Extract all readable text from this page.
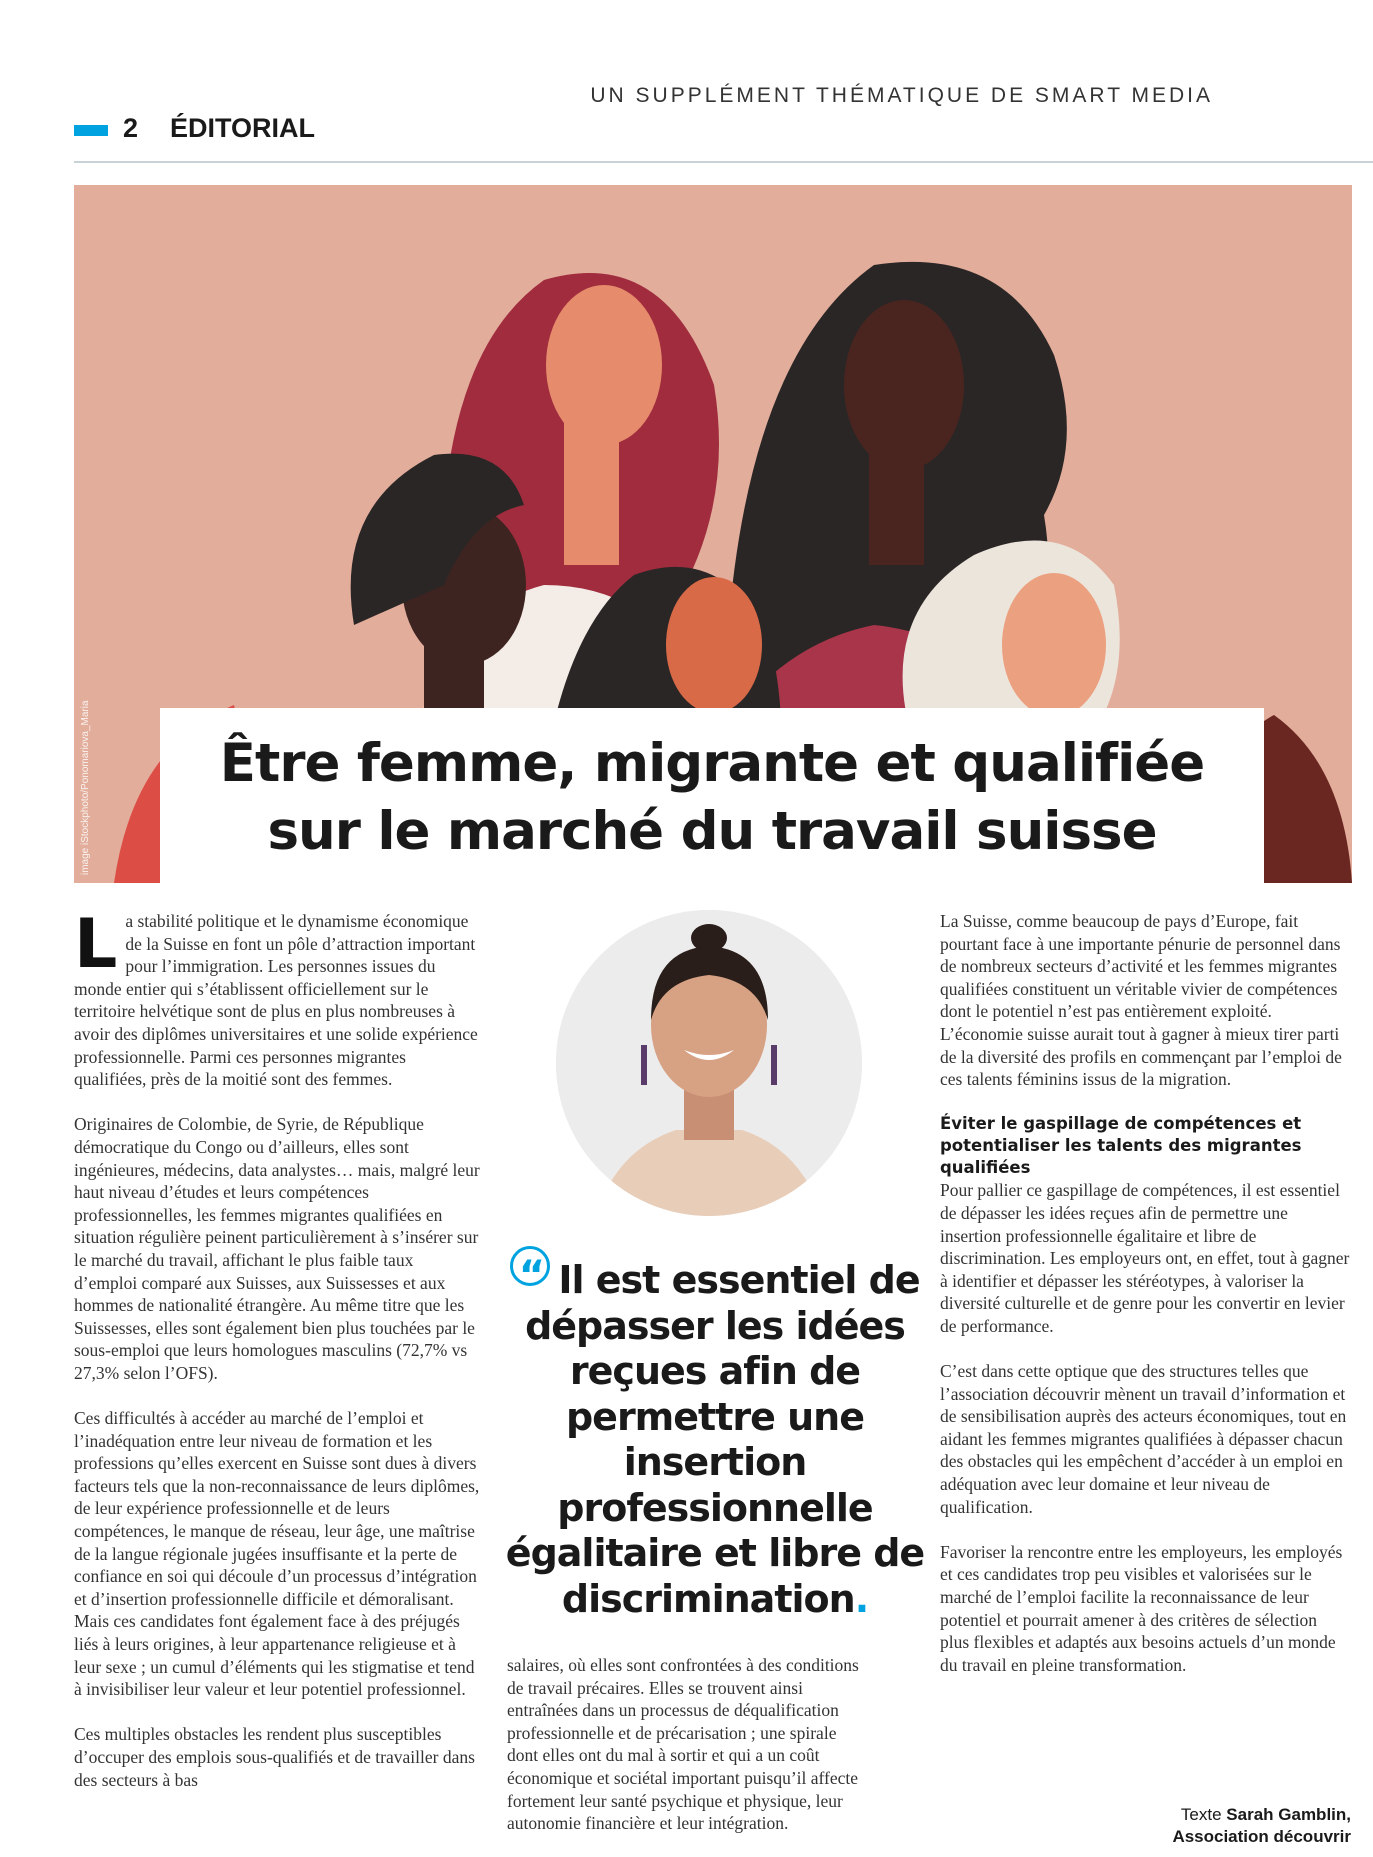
UN SUPPLÉMENT THÉMATIQUE DE SMART MEDIA
2 ÉDITORIAL
image iStockphoto/Ponomariova_Maria	Être femme, migrante et qualifiée
sur le marché du travail suisse

La stabilité politique et le dynamisme économique de la Suisse en font un pôle d’attraction important pour l’immigration. Les personnes issues du monde entier qui s’établissent officiellement sur le territoire helvétique sont de plus en plus nombreuses à avoir des diplômes universitaires et une solide expérience professionnelle. Parmi ces personnes migrantes qualifiées, près de la moitié sont des femmes.

Originaires de Colombie, de Syrie, de République démocratique du Congo ou d’ailleurs, elles sont ingénieures, médecins, data analystes… mais, malgré leur haut niveau d’études et leurs compétences professionnelles, les femmes migrantes qualifiées en situation régulière peinent particulièrement à s’insérer sur le marché du travail, affichant le plus faible taux d’emploi comparé aux Suisses, aux Suissesses et aux hommes de nationalité étrangère. Au même titre que les Suissesses, elles sont également bien plus touchées par le sous-emploi que leurs homologues masculins (72,7% vs 27,3% selon l’OFS).

Ces difficultés à accéder au marché de l’emploi et l’inadéquation entre leur niveau de formation et les professions qu’elles exercent en Suisse sont dues à divers facteurs tels que la non-reconnaissance de leurs diplômes, de leur expérience professionnelle et de leurs compétences, le manque de réseau, leur âge, une maîtrise de la langue régionale jugées insuffisante et la perte de confiance en soi qui découle d’un processus d’intégration et d’insertion professionnelle difficile et démoralisant. Mais ces candidates font également face à des préjugés liés à leurs origines, à leur appartenance religieuse et à leur sexe ; un cumul d’éléments qui les stigmatise et tend à invisibiliser leur valeur et leur potentiel professionnel.

Ces multiples obstacles les rendent plus susceptibles d’occuper des emplois sous-qualifiés et de travailler dans des secteurs à bas

“ Il est essentiel de dépasser les idées reçues afin de permettre une insertion professionnelle égalitaire et libre de discrimination.

salaires, où elles sont confrontées à des conditions de travail précaires. Elles se trouvent ainsi entraînées dans un processus de déqualification professionnelle et de précarisation ; une spirale dont elles ont du mal à sortir et qui a un coût économique et sociétal important puisqu’il affecte fortement leur santé psychique et physique, leur autonomie financière et leur intégration.

La Suisse, comme beaucoup de pays d’Europe, fait pourtant face à une importante pénurie de personnel dans de nombreux secteurs d’activité et les femmes migrantes qualifiées constituent un véritable vivier de compétences dont le potentiel n’est pas entièrement exploité. L’économie suisse aurait tout à gagner à mieux tirer parti de la diversité des profils en commençant par l’emploi de ces talents féminins issus de la migration.

Éviter le gaspillage de compétences et potentialiser les talents des migrantes qualifiées

Pour pallier ce gaspillage de compétences, il est essentiel de dépasser les idées reçues afin de permettre une insertion professionnelle égalitaire et libre de discrimination. Les employeurs ont, en effet, tout à gagner à identifier et dépasser les stéréotypes, à valoriser la diversité culturelle et de genre pour les convertir en levier de performance.

C’est dans cette optique que des structures telles que l’association découvrir mènent un travail d’information et de sensibilisation auprès des acteurs économiques, tout en aidant les femmes migrantes qualifiées à dépasser chacun des obstacles qui les empêchent d’accéder à un emploi en adéquation avec leur domaine et leur niveau de qualification.

Favoriser la rencontre entre les employeurs, les employés et ces candidates trop peu visibles et valorisées sur le marché de l’emploi facilite la reconnaissance de leur potentiel et pourrait amener à des critères de sélection plus flexibles et adaptés aux besoins actuels d’un monde du travail en pleine transformation.

Texte Sarah Gamblin,
Association découvrir
